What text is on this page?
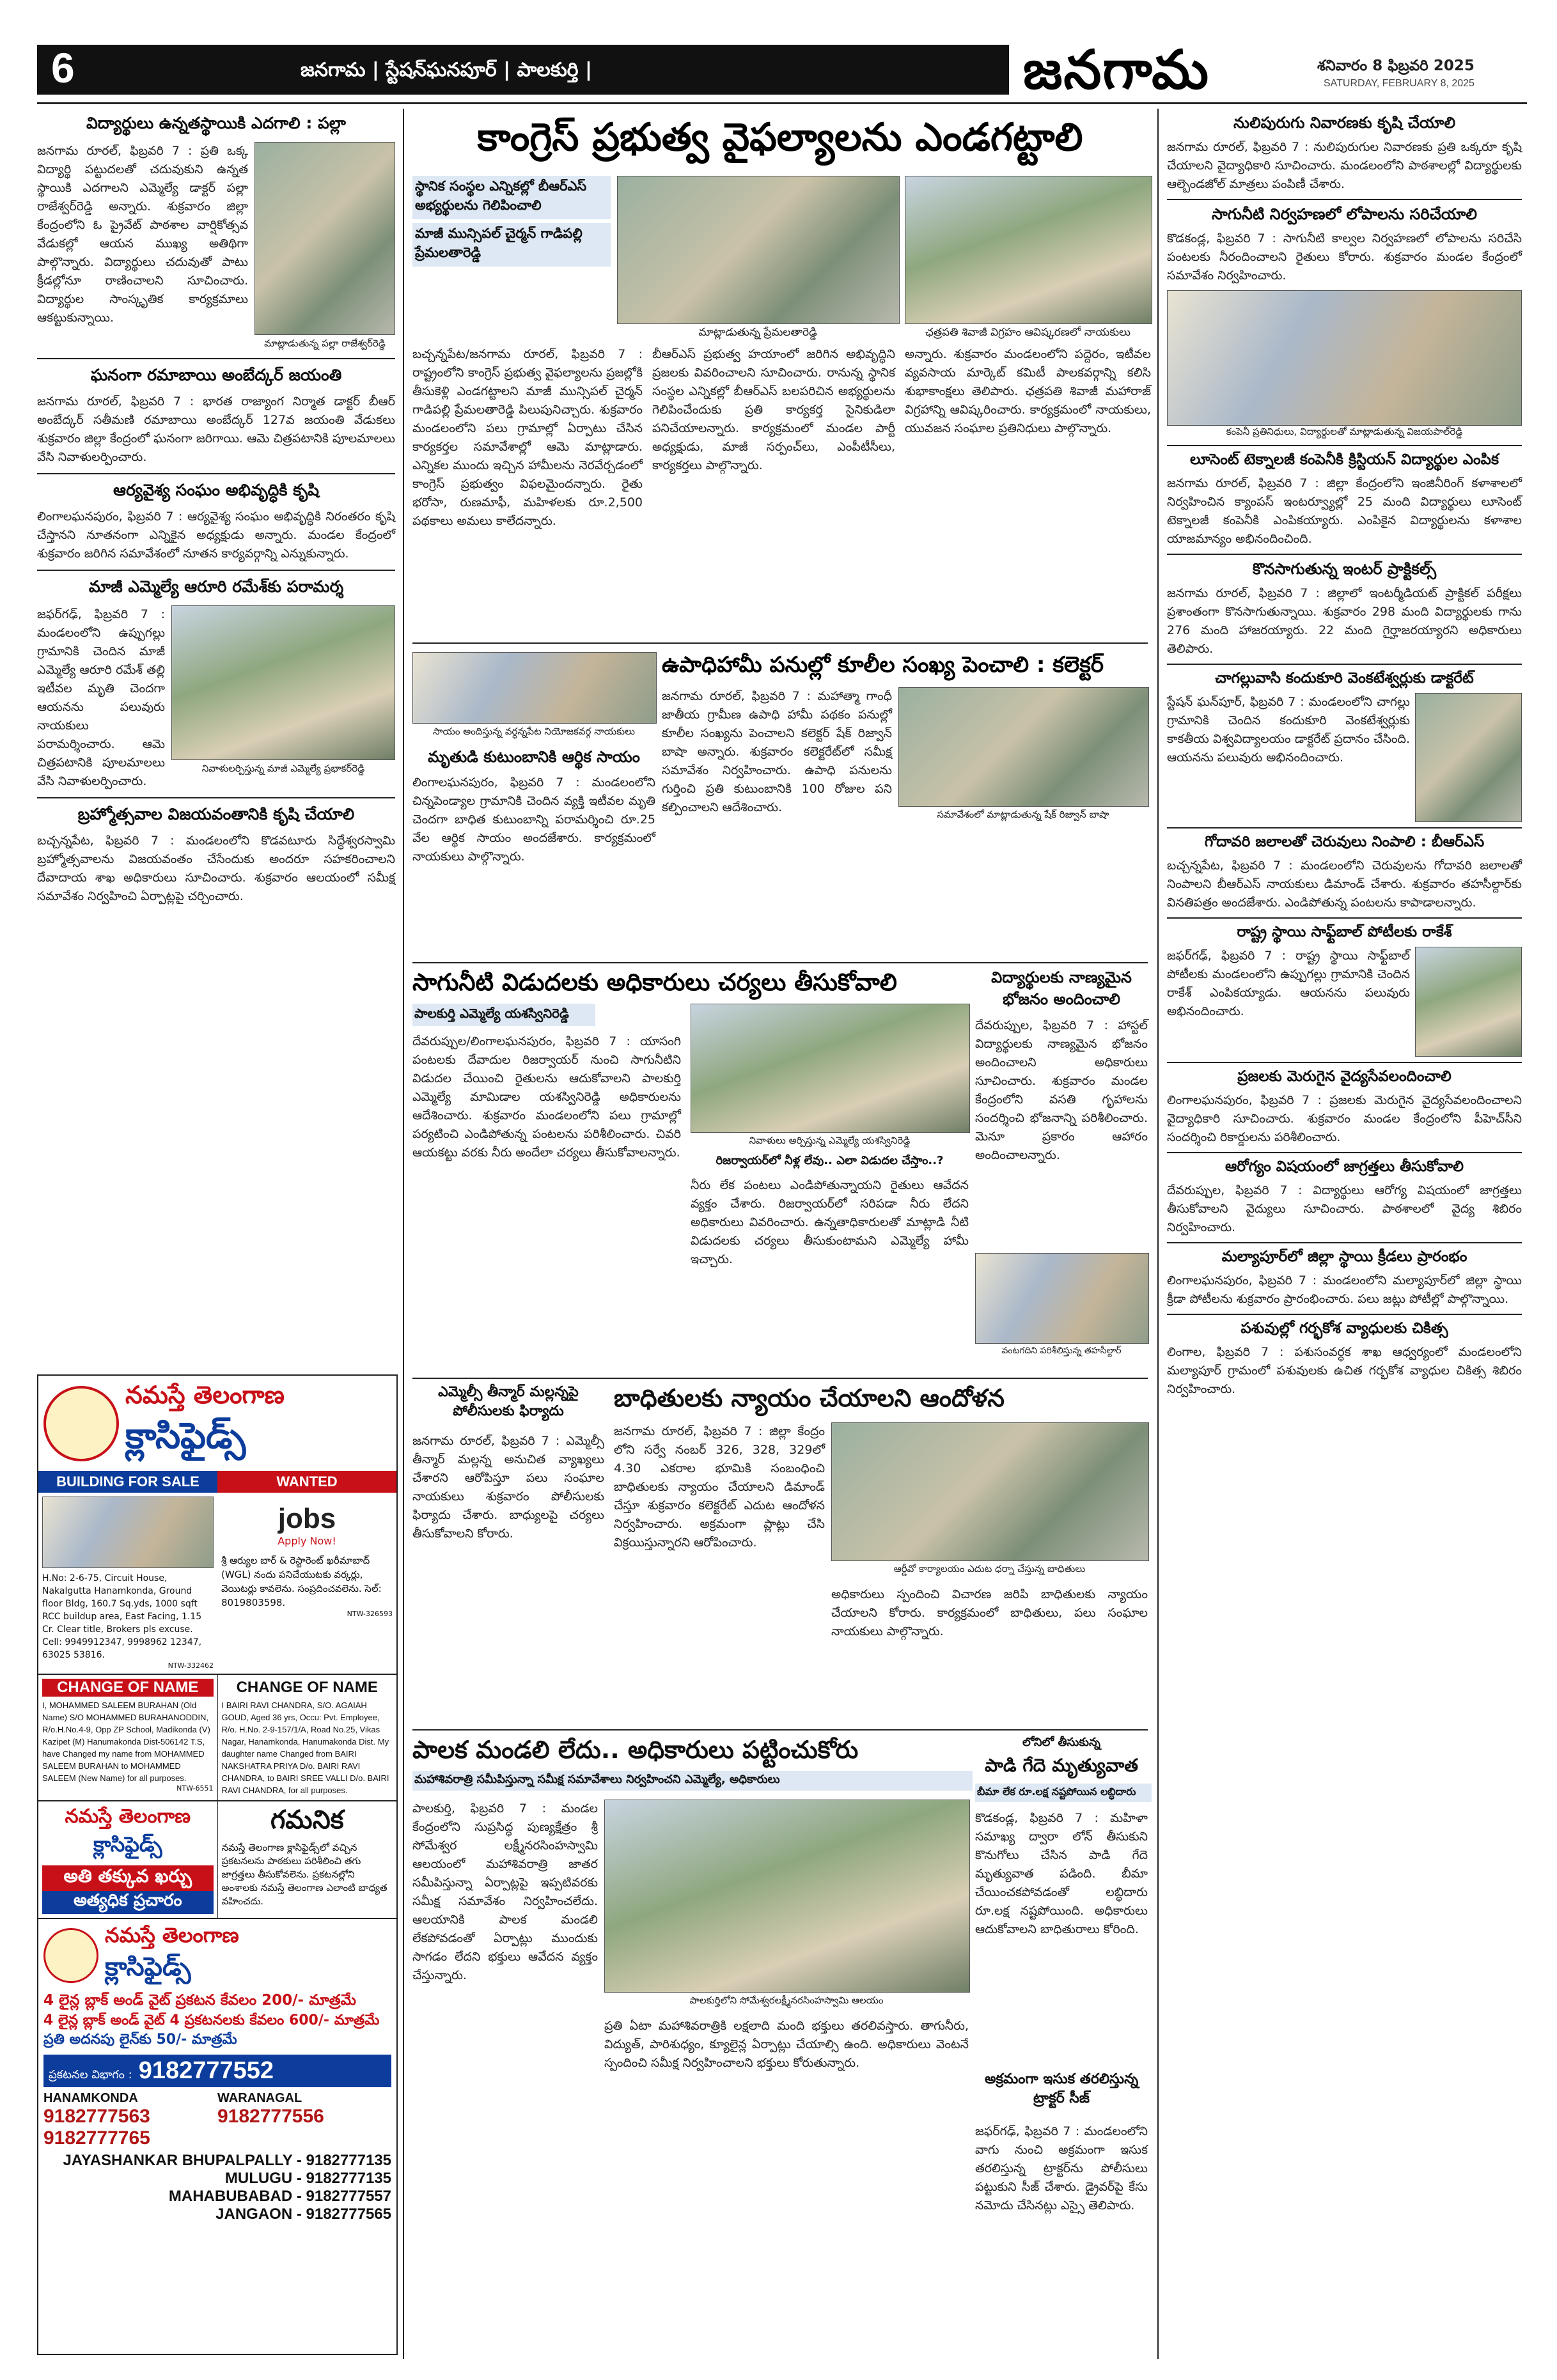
6	జనగామ | స్టేషన్‌ఘనపూర్ | పాలకుర్తి |	జనగామ	శనివారం 8 ఫిబ్రవరి 2025
SATURDAY, FEBRUARY 8, 2025
విద్యార్థులు ఉన్నతస్థాయికి ఎదగాలి : పల్లా
జనగామ రూరల్, ఫిబ్రవరి 7 : ప్రతి ఒక్క విద్యార్థి పట్టుదలతో చదువుకుని ఉన్నత స్థాయికి ఎదగాలని ఎమ్మెల్యే డాక్టర్ పల్లా రాజేశ్వర్‌రెడ్డి అన్నారు. శుక్రవారం జిల్లా కేంద్రంలోని ఓ ప్రైవేట్ పాఠశాల వార్షికోత్సవ వేడుకల్లో ఆయన ముఖ్య అతిథిగా పాల్గొన్నారు. విద్యార్థులు చదువుతో పాటు క్రీడల్లోనూ రాణించాలని సూచించారు. విద్యార్థుల సాంస్కృతిక కార్యక్రమాలు ఆకట్టుకున్నాయి.
మాట్లాడుతున్న పల్లా రాజేశ్వర్‌రెడ్డి
ఘనంగా రమాబాయి అంబేద్కర్ జయంతి
జనగామ రూరల్, ఫిబ్రవరి 7 : భారత రాజ్యాంగ నిర్మాత డాక్టర్ బీఆర్ అంబేద్కర్ సతీమణి రమాబాయి అంబేద్కర్ 127వ జయంతి వేడుకలు శుక్రవారం జిల్లా కేంద్రంలో ఘనంగా జరిగాయి. ఆమె చిత్రపటానికి పూలమాలలు వేసి నివాళులర్పించారు.
ఆర్యవైశ్య సంఘం అభివృద్ధికి కృషి
లింగాలఘనపురం, ఫిబ్రవరి 7 : ఆర్యవైశ్య సంఘం అభివృద్ధికి నిరంతరం కృషి చేస్తానని నూతనంగా ఎన్నికైన అధ్యక్షుడు అన్నారు. మండల కేంద్రంలో శుక్రవారం జరిగిన సమావేశంలో నూతన కార్యవర్గాన్ని ఎన్నుకున్నారు.
మాజీ ఎమ్మెల్యే ఆరూరి రమేశ్‌కు పరామర్శ
జఫర్‌గఢ్, ఫిబ్రవరి 7 : మండలంలోని ఉప్పుగల్లు గ్రామానికి చెందిన మాజీ ఎమ్మెల్యే ఆరూరి రమేశ్ తల్లి ఇటీవల మృతి చెందగా ఆయనను పలువురు నాయకులు పరామర్శించారు. ఆమె చిత్రపటానికి పూలమాలలు వేసి నివాళులర్పించారు.
నివాళులర్పిస్తున్న మాజీ ఎమ్మెల్యే ప్రభాకర్‌రెడ్డి
బ్రహ్మోత్సవాల విజయవంతానికి కృషి చేయాలి
బచ్చన్నపేట, ఫిబ్రవరి 7 : మండలంలోని కొడవటూరు సిద్ధేశ్వరస్వామి బ్రహ్మోత్సవాలను విజయవంతం చేసేందుకు అందరూ సహకరించాలని దేవాదాయ శాఖ అధికారులు సూచించారు. శుక్రవారం ఆలయంలో సమీక్ష సమావేశం నిర్వహించి ఏర్పాట్లపై చర్చించారు.
నమస్తే తెలంగాణ
క్లాసిఫైడ్స్
BUILDING FOR SALE	WANTED
H.No: 2-6-75, Circuit House, Nakalgutta Hanamkonda, Ground floor Bldg, 160.7 Sq.yds, 1000 sqft RCC buildup area, East Facing, 1.15 Cr. Clear title, Brokers pls excuse. Cell: 9949912347, 9998962 12347, 63025 53816.
NTW-332462
jobs
Apply Now!
శ్రీ ఆర్యుల బార్ & రెస్టారెంట్ ఖరీమాబాద్ (WGL) నందు పనిచేయుటకు వర్కర్లు, వెయిటర్లు కావలెను. సంప్రదించవలెను. సెల్: 8019803598.
NTW-326593
CHANGE OF NAME
I, MOHAMMED SALEEM BURAHAN (Old Name) S/O MOHAMMED BURAHANODDIN, R/o.H.No.4-9, Opp ZP School, Madikonda (V) Kazipet (M) Hanumakonda Dist-506142 T.S, have Changed my name from MOHAMMED SALEEM BURAHAN to MOHAMMED SALEEM (New Name) for all purposes.
NTW-6551
CHANGE OF NAME
I BAIRI RAVI CHANDRA, S/O. AGAIAH GOUD, Aged 36 yrs, Occu: Pvt. Employee, R/o. H.No. 2-9-157/1/A, Road No.25, Vikas Nagar, Hanamkonda, Hanumakonda Dist. My daughter name Changed from BAIRI NAKSHATRA PRIYA D/o. BAIRI RAVI CHANDRA, to BAIRI SREE VALLI D/o. BAIRI RAVI CHANDRA, for all purposes.
నమస్తే తెలంగాణ
క్లాసిఫైడ్స్
అతి తక్కువ ఖర్చు
అత్యధిక ప్రచారం
గమనిక
నమస్తే తెలంగాణ క్లాసిఫైడ్స్‌లో వచ్చిన ప్రకటనలను పాఠకులు పరిశీలించి తగు జాగ్రత్తలు తీసుకోవలెను. ప్రకటనల్లోని అంశాలకు నమస్తే తెలంగాణ ఎలాంటి బాధ్యత వహించదు.
నమస్తే తెలంగాణ
క్లాసిఫైడ్స్
4 లైన్ల బ్లాక్ అండ్ వైట్ ప్రకటన కేవలం 200/- మాత్రమే
4 లైన్ల బ్లాక్ అండ్ వైట్ 4 ప్రకటనలకు కేవలం 600/- మాత్రమే
ప్రతి అదనపు లైన్‌కు 50/- మాత్రమే
ప్రకటనల విభాగం : 9182777552
HANAMKONDA
9182777563
9182777765
WARANAGAL
9182777556
JAYASHANKAR BHUPALPALLY - 9182777135
MULUGU - 9182777135
MAHABUBABAD - 9182777557
JANGAON - 9182777565
కాంగ్రెస్ ప్రభుత్వ వైఫల్యాలను ఎండగట్టాలి
స్థానిక సంస్థల ఎన్నికల్లో బీఆర్‌ఎస్ అభ్యర్థులను గెలిపించాలి
మాజీ మున్సిపల్ చైర్మన్ గాడిపల్లి ప్రేమలతారెడ్డి
మాట్లాడుతున్న ప్రేమలతారెడ్డి	ఛత్రపతి శివాజీ విగ్రహం ఆవిష్కరణలో నాయకులు
బచ్చన్నపేట/జనగామ రూరల్, ఫిబ్రవరి 7 : రాష్ట్రంలోని కాంగ్రెస్ ప్రభుత్వ వైఫల్యాలను ప్రజల్లోకి తీసుకెళ్లి ఎండగట్టాలని మాజీ మున్సిపల్ చైర్మన్ గాడిపల్లి ప్రేమలతారెడ్డి పిలుపునిచ్చారు. శుక్రవారం మండలంలోని పలు గ్రామాల్లో ఏర్పాటు చేసిన కార్యకర్తల సమావేశాల్లో ఆమె మాట్లాడారు. ఎన్నికల ముందు ఇచ్చిన హామీలను నెరవేర్చడంలో కాంగ్రెస్ ప్రభుత్వం విఫలమైందన్నారు. రైతు భరోసా, రుణమాఫీ, మహిళలకు రూ.2,500 పథకాలు అమలు కాలేదన్నారు.
బీఆర్‌ఎస్ ప్రభుత్వ హయాంలో జరిగిన అభివృద్ధిని ప్రజలకు వివరించాలని సూచించారు. రానున్న స్థానిక సంస్థల ఎన్నికల్లో బీఆర్‌ఎస్ బలపరిచిన అభ్యర్థులను గెలిపించేందుకు ప్రతి కార్యకర్త సైనికుడిలా పనిచేయాలన్నారు. కార్యక్రమంలో మండల పార్టీ అధ్యక్షుడు, మాజీ సర్పంచ్‌లు, ఎంపీటీసీలు, కార్యకర్తలు పాల్గొన్నారు.
అన్నారు. శుక్రవారం మండలంలోని పద్దెరం, ఇటీవల వ్యవసాయ మార్కెట్ కమిటీ పాలకవర్గాన్ని కలిసి శుభాకాంక్షలు తెలిపారు. ఛత్రపతి శివాజీ మహారాజ్ విగ్రహాన్ని ఆవిష్కరించారు. కార్యక్రమంలో నాయకులు, యువజన సంఘాల ప్రతినిధులు పాల్గొన్నారు.
సాయం అందిస్తున్న వర్ధన్నపేట నియోజకవర్గ నాయకులు
మృతుడి కుటుంబానికి ఆర్థిక సాయం
లింగాలఘనపురం, ఫిబ్రవరి 7 : మండలంలోని చిన్నపెండ్యాల గ్రామానికి చెందిన వ్యక్తి ఇటీవల మృతి చెందగా బాధిత కుటుంబాన్ని పరామర్శించి రూ.25 వేల ఆర్థిక సాయం అందజేశారు. కార్యక్రమంలో నాయకులు పాల్గొన్నారు.
ఉపాధిహామీ పనుల్లో కూలీల సంఖ్య పెంచాలి : కలెక్టర్
జనగామ రూరల్, ఫిబ్రవరి 7 : మహాత్మా గాంధీ జాతీయ గ్రామీణ ఉపాధి హామీ పథకం పనుల్లో కూలీల సంఖ్యను పెంచాలని కలెక్టర్ షేక్ రిజ్వాన్ బాషా అన్నారు. శుక్రవారం కలెక్టరేట్‌లో సమీక్ష సమావేశం నిర్వహించారు. ఉపాధి పనులను గుర్తించి ప్రతి కుటుంబానికి 100 రోజుల పని కల్పించాలని ఆదేశించారు.	సమావేశంలో మాట్లాడుతున్న షేక్ రిజ్వాన్ బాషా
సాగునీటి విడుదలకు అధికారులు చర్యలు తీసుకోవాలి
పాలకుర్తి ఎమ్మెల్యే యశస్వినిరెడ్డి
దేవరుప్పుల/లింగాలఘనపురం, ఫిబ్రవరి 7 : యాసంగి పంటలకు దేవాదుల రిజర్వాయర్ నుంచి సాగునీటిని విడుదల చేయించి రైతులను ఆదుకోవాలని పాలకుర్తి ఎమ్మెల్యే మామిడాల యశస్వినిరెడ్డి అధికారులను ఆదేశించారు. శుక్రవారం మండలంలోని పలు గ్రామాల్లో పర్యటించి ఎండిపోతున్న పంటలను పరిశీలించారు. చివరి ఆయకట్టు వరకు నీరు అందేలా చర్యలు తీసుకోవాలన్నారు.
నివాళులు అర్పిస్తున్న ఎమ్మెల్యే యశస్వినిరెడ్డి
రిజర్వాయర్‌లో నీళ్ల లేవు.. ఎలా విడుదల చేస్తాం..?
నీరు లేక పంటలు ఎండిపోతున్నాయని రైతులు ఆవేదన వ్యక్తం చేశారు. రిజర్వాయర్‌లో సరిపడా నీరు లేదని అధికారులు వివరించారు. ఉన్నతాధికారులతో మాట్లాడి నీటి విడుదలకు చర్యలు తీసుకుంటామని ఎమ్మెల్యే హామీ ఇచ్చారు.
విద్యార్థులకు నాణ్యమైన భోజనం అందించాలి
దేవరుప్పుల, ఫిబ్రవరి 7 : హాస్టల్ విద్యార్థులకు నాణ్యమైన భోజనం అందించాలని అధికారులు సూచించారు. శుక్రవారం మండల కేంద్రంలోని వసతి గృహాలను సందర్శించి భోజనాన్ని పరిశీలించారు. మెనూ ప్రకారం ఆహారం అందించాలన్నారు.
వంటగదిని పరిశీలిస్తున్న తహసీల్దార్
ఎమ్మెల్సీ తీన్మార్ మల్లన్నపై పోలీసులకు ఫిర్యాదు
జనగామ రూరల్, ఫిబ్రవరి 7 : ఎమ్మెల్సీ తీన్మార్ మల్లన్న అనుచిత వ్యాఖ్యలు చేశారని ఆరోపిస్తూ పలు సంఘాల నాయకులు శుక్రవారం పోలీసులకు ఫిర్యాదు చేశారు. బాధ్యులపై చర్యలు తీసుకోవాలని కోరారు.
బాధితులకు న్యాయం చేయాలని ఆందోళన
జనగామ రూరల్, ఫిబ్రవరి 7 : జిల్లా కేంద్రం లోని సర్వే నంబర్ 326, 328, 329లో 4.30 ఎకరాల భూమికి సంబంధించి బాధితులకు న్యాయం చేయాలని డిమాండ్ చేస్తూ శుక్రవారం కలెక్టరేట్ ఎదుట ఆందోళన నిర్వహించారు. అక్రమంగా ప్లాట్లు చేసి విక్రయిస్తున్నారని ఆరోపించారు.
ఆర్డీవో కార్యాలయం ఎదుట ధర్నా చేస్తున్న బాధితులు
అధికారులు స్పందించి విచారణ జరిపి బాధితులకు న్యాయం చేయాలని కోరారు. కార్యక్రమంలో బాధితులు, పలు సంఘాల నాయకులు పాల్గొన్నారు.
పాలక మండలి లేదు.. అధికారులు పట్టించుకోరు
మహాశివరాత్రి సమీపిస్తున్నా సమీక్ష సమావేశాలు నిర్వహించని ఎమ్మెల్యే, అధికారులు
పాలకుర్తి, ఫిబ్రవరి 7 : మండల కేంద్రంలోని సుప్రసిద్ధ పుణ్యక్షేత్రం శ్రీ సోమేశ్వర లక్ష్మీనరసింహస్వామి ఆలయంలో మహాశివరాత్రి జాతర సమీపిస్తున్నా ఏర్పాట్లపై ఇప్పటివరకు సమీక్ష సమావేశం నిర్వహించలేదు. ఆలయానికి పాలక మండలి లేకపోవడంతో ఏర్పాట్లు ముందుకు సాగడం లేదని భక్తులు ఆవేదన వ్యక్తం చేస్తున్నారు.
పాలకుర్తిలోని సోమేశ్వరలక్ష్మీనరసింహస్వామి ఆలయం
ప్రతి ఏటా మహాశివరాత్రికి లక్షలాది మంది భక్తులు తరలివస్తారు. తాగునీరు, విద్యుత్, పారిశుధ్యం, క్యూలైన్ల ఏర్పాట్లు చేయాల్సి ఉంది. అధికారులు వెంటనే స్పందించి సమీక్ష నిర్వహించాలని భక్తులు కోరుతున్నారు.
లోనిలో తీసుకున్న
పాడి గేదె మృత్యువాత
బీమా లేక రూ.లక్ష నష్టపోయిన లబ్ధిదారు
కొడకండ్ల, ఫిబ్రవరి 7 : మహిళా సమాఖ్య ద్వారా లోన్ తీసుకుని కొనుగోలు చేసిన పాడి గేదె మృత్యువాత పడింది. బీమా చేయించకపోవడంతో లబ్ధిదారు రూ.లక్ష నష్టపోయింది. అధికారులు ఆదుకోవాలని బాధితురాలు కోరింది.
అక్రమంగా ఇసుక తరలిస్తున్న ట్రాక్టర్ సీజ్
జఫర్‌గఢ్, ఫిబ్రవరి 7 : మండలంలోని వాగు నుంచి అక్రమంగా ఇసుక తరలిస్తున్న ట్రాక్టర్‌ను పోలీసులు పట్టుకుని సీజ్ చేశారు. డ్రైవర్‌పై కేసు నమోదు చేసినట్లు ఎస్సై తెలిపారు.
నులిపురుగు నివారణకు కృషి చేయాలి
జనగామ రూరల్, ఫిబ్రవరి 7 : నులిపురుగుల నివారణకు ప్రతి ఒక్కరూ కృషి చేయాలని వైద్యాధికారి సూచించారు. మండలంలోని పాఠశాలల్లో విద్యార్థులకు ఆల్బెండజోల్ మాత్రలు పంపిణీ చేశారు.
సాగునీటి నిర్వహణలో లోపాలను సరిచేయాలి
కొడకండ్ల, ఫిబ్రవరి 7 : సాగునీటి కాల్వల నిర్వహణలో లోపాలను సరిచేసి పంటలకు నీరందించాలని రైతులు కోరారు. శుక్రవారం మండల కేంద్రంలో సమావేశం నిర్వహించారు.
కంపెనీ ప్రతినిధులు, విద్యార్థులతో మాట్లాడుతున్న విజయపాల్‌రెడ్డి
లూసెంట్ టెక్నాలజీ కంపెనీకి క్రిస్టియన్ విద్యార్థుల ఎంపిక
జనగామ రూరల్, ఫిబ్రవరి 7 : జిల్లా కేంద్రంలోని ఇంజినీరింగ్ కళాశాలలో నిర్వహించిన క్యాంపస్ ఇంటర్వ్యూల్లో 25 మంది విద్యార్థులు లూసెంట్ టెక్నాలజీ కంపెనీకి ఎంపికయ్యారు. ఎంపికైన విద్యార్థులను కళాశాల యాజమాన్యం అభినందించింది.
కొనసాగుతున్న ఇంటర్ ప్రాక్టికల్స్
జనగామ రూరల్, ఫిబ్రవరి 7 : జిల్లాలో ఇంటర్మీడియట్ ప్రాక్టికల్ పరీక్షలు ప్రశాంతంగా కొనసాగుతున్నాయి. శుక్రవారం 298 మంది విద్యార్థులకు గాను 276 మంది హాజరయ్యారు. 22 మంది గైర్హాజరయ్యారని అధికారులు తెలిపారు.
చాగల్లువాసి కందుకూరి వెంకటేశ్వర్లుకు డాక్టరేట్
స్టేషన్ ఘన్‌పూర్, ఫిబ్రవరి 7 : మండలంలోని చాగల్లు గ్రామానికి చెందిన కందుకూరి వెంకటేశ్వర్లుకు కాకతీయ విశ్వవిద్యాలయం డాక్టరేట్ ప్రదానం చేసింది. ఆయనను పలువురు అభినందించారు.
గోదావరి జలాలతో చెరువులు నింపాలి : బీఆర్‌ఎస్
బచ్చన్నపేట, ఫిబ్రవరి 7 : మండలంలోని చెరువులను గోదావరి జలాలతో నింపాలని బీఆర్‌ఎస్ నాయకులు డిమాండ్ చేశారు. శుక్రవారం తహసీల్దార్‌కు వినతిపత్రం అందజేశారు. ఎండిపోతున్న పంటలను కాపాడాలన్నారు.
రాష్ట్ర స్థాయి సాఫ్ట్‌బాల్ పోటీలకు రాకేశ్
జఫర్‌గఢ్, ఫిబ్రవరి 7 : రాష్ట్ర స్థాయి సాఫ్ట్‌బాల్ పోటీలకు మండలంలోని ఉప్పుగల్లు గ్రామానికి చెందిన రాకేశ్ ఎంపికయ్యాడు. ఆయనను పలువురు అభినందించారు.
ప్రజలకు మెరుగైన వైద్యసేవలందించాలి
లింగాలఘనపురం, ఫిబ్రవరి 7 : ప్రజలకు మెరుగైన వైద్యసేవలందించాలని వైద్యాధికారి సూచించారు. శుక్రవారం మండల కేంద్రంలోని పీహెచ్‌సీని సందర్శించి రికార్డులను పరిశీలించారు.
ఆరోగ్యం విషయంలో జాగ్రత్తలు తీసుకోవాలి
దేవరుప్పుల, ఫిబ్రవరి 7 : విద్యార్థులు ఆరోగ్య విషయంలో జాగ్రత్తలు తీసుకోవాలని వైద్యులు సూచించారు. పాఠశాలలో వైద్య శిబిరం నిర్వహించారు.
మల్యాపూర్‌లో జిల్లా స్థాయి క్రీడలు ప్రారంభం
లింగాలఘనపురం, ఫిబ్రవరి 7 : మండలంలోని మల్యాపూర్‌లో జిల్లా స్థాయి క్రీడా పోటీలను శుక్రవారం ప్రారంభించారు. పలు జట్లు పోటీల్లో పాల్గొన్నాయి.
పశువుల్లో గర్భకోశ వ్యాధులకు చికిత్స
లింగాల, ఫిబ్రవరి 7 : పశుసంవర్ధక శాఖ ఆధ్వర్యంలో మండలంలోని మల్యాపూర్ గ్రామంలో పశువులకు ఉచిత గర్భకోశ వ్యాధుల చికిత్స శిబిరం నిర్వహించారు.
